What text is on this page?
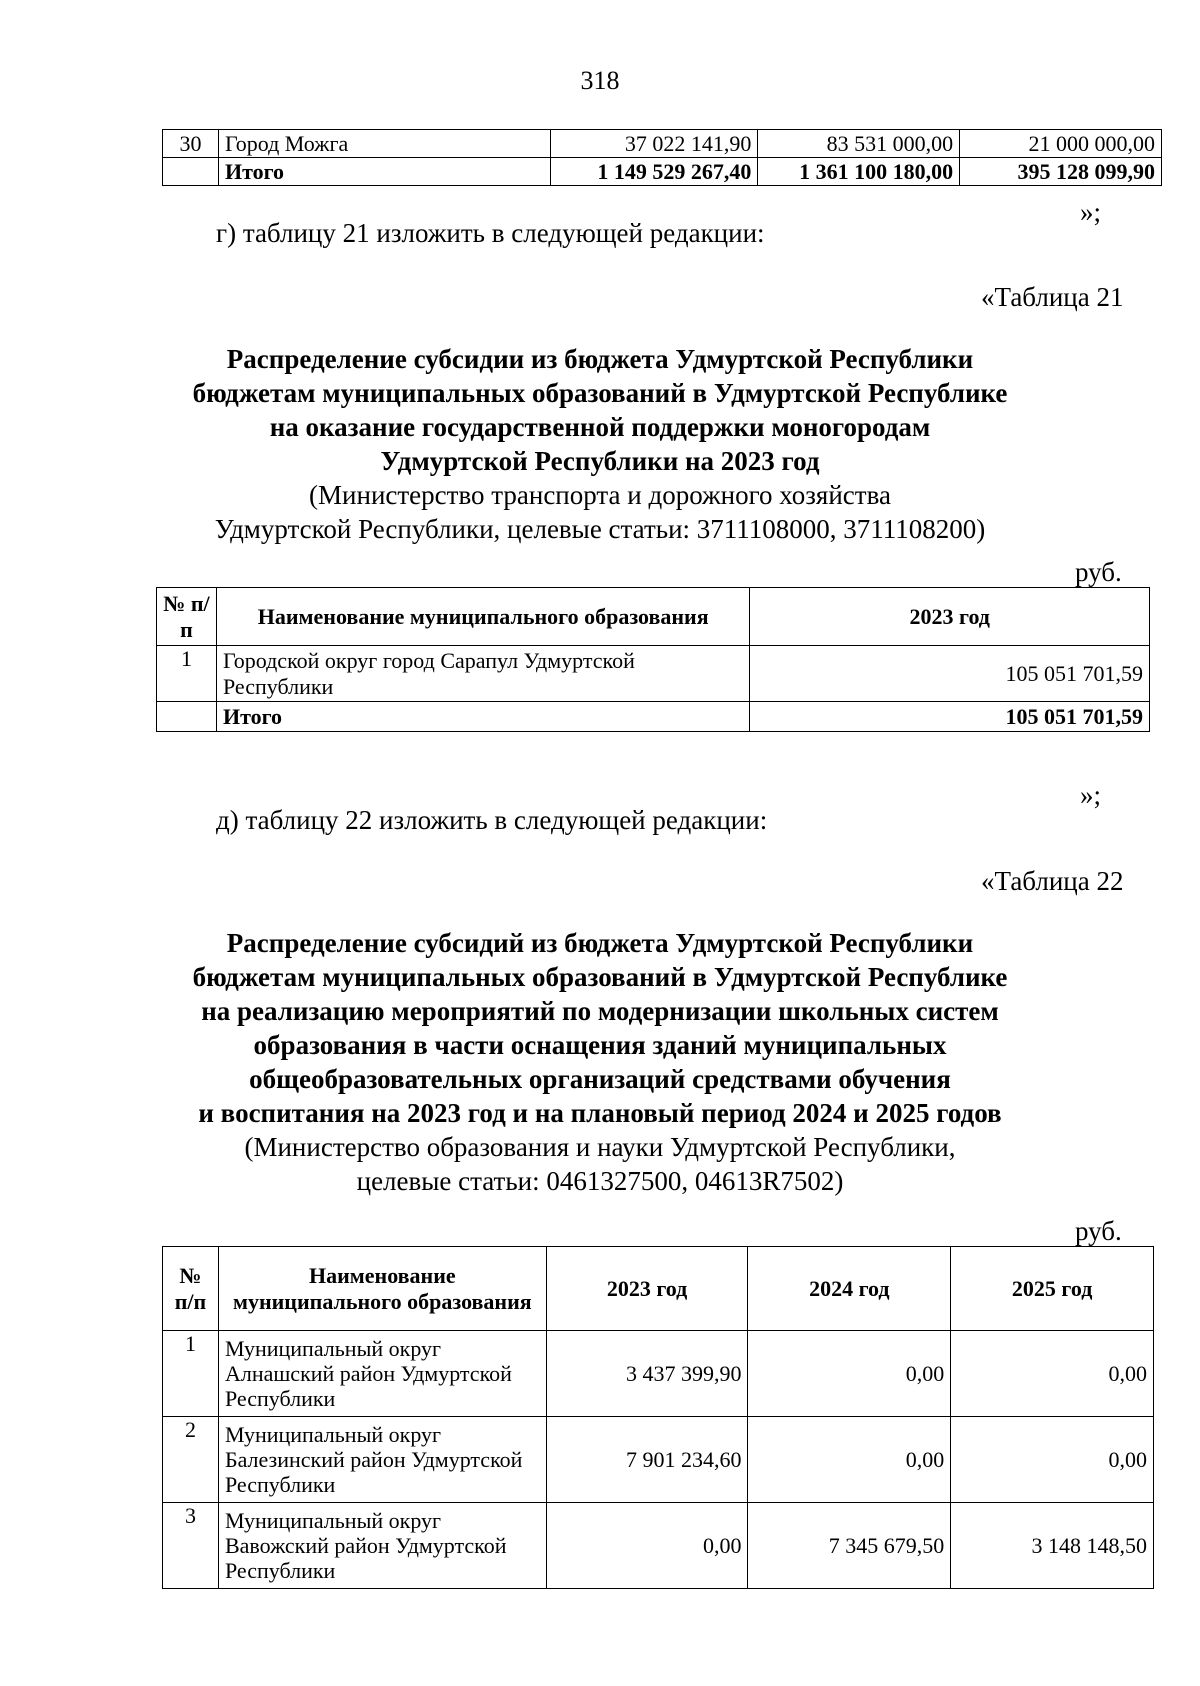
318
30	Город Можга	37 022 141,90	83 531 000,00	21 000 000,00
	Итого	1 149 529 267,40	1 361 100 180,00	395 128 099,90
»;
г) таблицу 21 изложить в следующей редакции:
«Таблица 21
Распределение субсидии из бюджета Удмуртской Республики
бюджетам муниципальных образований в Удмуртской Республике
на оказание государственной поддержки моногородам
Удмуртской Республики на 2023 год
(Министерство транспорта и дорожного хозяйства
Удмуртской Республики, целевые статьи: 3711108000, 3711108200)
руб.
№ п/п	Наименование муниципального образования	2023 год
1	Городской округ город Сарапул Удмуртской Республики	105 051 701,59
	Итого	105 051 701,59
»;
д) таблицу 22 изложить в следующей редакции:
«Таблица 22
Распределение субсидий из бюджета Удмуртской Республики
бюджетам муниципальных образований в Удмуртской Республике
на реализацию мероприятий по модернизации школьных систем
образования в части оснащения зданий муниципальных
общеобразовательных организаций средствами обучения
и воспитания на 2023 год и на плановый период 2024 и 2025 годов
(Министерство образования и науки Удмуртской Республики,
целевые статьи: 0461327500, 04613R7502)
руб.
№ п/п	Наименование муниципального образования	2023 год	2024 год	2025 год
1	Муниципальный округ Алнашский район Удмуртской Республики	3 437 399,90	0,00	0,00
2	Муниципальный округ Балезинский район Удмуртской Республики	7 901 234,60	0,00	0,00
3	Муниципальный округ Вавожский район Удмуртской Республики	0,00	7 345 679,50	3 148 148,50
